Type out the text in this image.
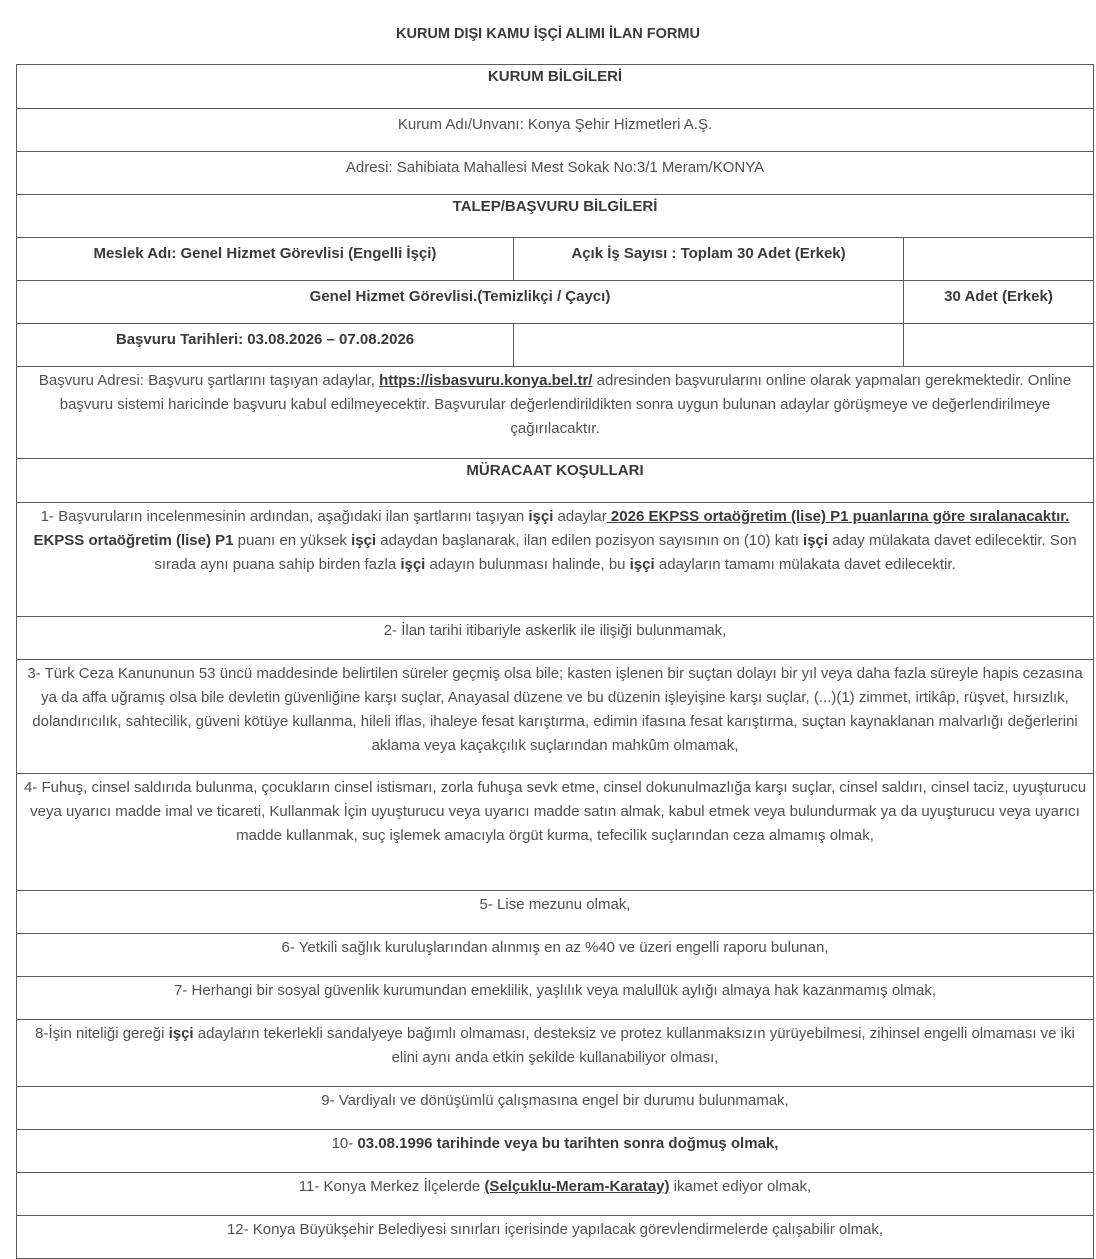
KURUM DIŞI KAMU İŞÇİ ALIMI İLAN FORMU
KURUM BİLGİLERİ		
Kurum Adı/Unvanı: Konya Şehir Hizmetleri A.Ş.		
Adresi: Sahibiata Mahallesi Mest Sokak No:3/1 Meram/KONYA		
TALEP/BAŞVURU BİLGİLERİ		
Meslek Adı: Genel Hizmet Görevlisi (Engelli İşçi)	Açık İş Sayısı : Toplam 30 Adet (Erkek)	
Genel Hizmet Görevlisi.(Temizlikçi / Çaycı)		30 Adet (Erkek)
Başvuru Tarihleri: 03.08.2026 – 07.08.2026		
Başvuru Adresi: Başvuru şartlarını taşıyan adaylar, https://isbasvuru.konya.bel.tr/ adresinden başvurularını online olarak yapmaları gerekmektedir. Online başvuru sistemi haricinde başvuru kabul edilmeyecektir. Başvurular değerlendirildikten sonra uygun bulunan adaylar görüşmeye ve değerlendirilmeye çağırılacaktır.		
MÜRACAAT KOŞULLARI		
1- Başvuruların incelenmesinin ardından, aşağıdaki ilan şartlarını taşıyan işçi adaylar 2026 EKPSS ortaöğretim (lise) P1 puanlarına göre sıralanacaktır. EKPSS ortaöğretim (lise) P1 puanı en yüksek işçi adaydan başlanarak, ilan edilen pozisyon sayısının on (10) katı işçi aday mülakata davet edilecektir. Son sırada aynı puana sahip birden fazla işçi adayın bulunması halinde, bu işçi adayların tamamı mülakata davet edilecektir.		
2- İlan tarihi itibariyle askerlik ile ilişiği bulunmamak,		
3- Türk Ceza Kanununun 53 üncü maddesinde belirtilen süreler geçmiş olsa bile; kasten işlenen bir suçtan dolayı bir yıl veya daha fazla süreyle hapis cezasına ya da affa uğramış olsa bile devletin güvenliğine karşı suçlar, Anayasal düzene ve bu düzenin işleyişine karşı suçlar, (...)(1) zimmet, irtikâp, rüşvet, hırsızlık, dolandırıcılık, sahtecilik, güveni kötüye kullanma, hileli iflas, ihaleye fesat karıştırma, edimin ifasına fesat karıştırma, suçtan kaynaklanan malvarlığı değerlerini aklama veya kaçakçılık suçlarından mahkûm olmamak,		
4- Fuhuş, cinsel saldırıda bulunma, çocukların cinsel istismarı, zorla fuhuşa sevk etme, cinsel dokunulmazlığa karşı suçlar, cinsel saldırı, cinsel taciz, uyuşturucu veya uyarıcı madde imal ve ticareti, Kullanmak İçin uyuşturucu veya uyarıcı madde satın almak, kabul etmek veya bulundurmak ya da uyuşturucu veya uyarıcı madde kullanmak, suç işlemek amacıyla örgüt kurma, tefecilik suçlarından ceza almamış olmak,		
5- Lise mezunu olmak,		
6- Yetkili sağlık kuruluşlarından alınmış en az %40 ve üzeri engelli raporu bulunan,		
7- Herhangi bir sosyal güvenlik kurumundan emeklilik, yaşlılık veya malullük aylığı almaya hak kazanmamış olmak,		
8-İşin niteliği gereği işçi adayların tekerlekli sandalyeye bağımlı olmaması, desteksiz ve protez kullanmaksızın yürüyebilmesi, zihinsel engelli olmaması ve iki elini aynı anda etkin şekilde kullanabiliyor olması,		
9- Vardiyalı ve dönüşümlü çalışmasına engel bir durumu bulunmamak,		
10- 03.08.1996 tarihinde veya bu tarihten sonra doğmuş olmak,		
11- Konya Merkez İlçelerde (Selçuklu-Meram-Karatay) ikamet ediyor olmak,		
12- Konya Büyükşehir Belediyesi sınırları içerisinde yapılacak görevlendirmelerde çalışabilir olmak,		
